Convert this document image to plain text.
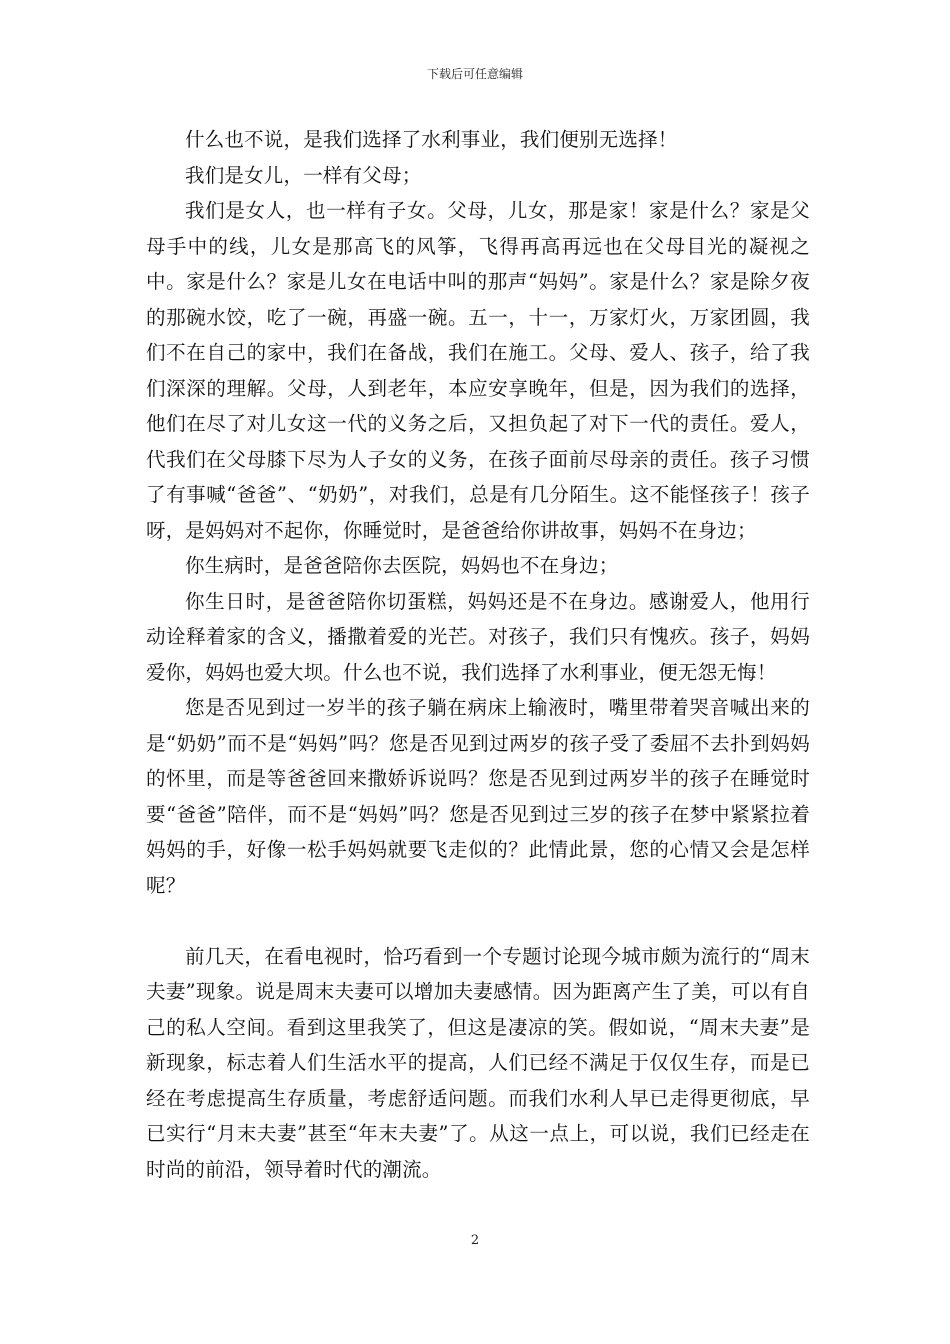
下载后可任意编辑

什么也不说，是我们选择了水利事业，我们便别无选择！

我们是女儿，一样有父母；

我们是女人，也一样有子女。父母，儿女，那是家！家是什么？家是父母手中的线，儿女是那高飞的风筝，飞得再高再远也在父母目光的凝视之中。家是什么？家是儿女在电话中叫的那声“妈妈”。家是什么？家是除夕夜的那碗水饺，吃了一碗，再盛一碗。五一，十一，万家灯火，万家团圆，我们不在自己的家中，我们在备战，我们在施工。父母、爱人、孩子，给了我们深深的理解。父母，人到老年，本应安享晚年，但是，因为我们的选择，他们在尽了对儿女这一代的义务之后，又担负起了对下一代的责任。爱人，代我们在父母膝下尽为人子女的义务，在孩子面前尽母亲的责任。孩子习惯了有事喊“爸爸”、“奶奶”，对我们，总是有几分陌生。这不能怪孩子！孩子呀，是妈妈对不起你，你睡觉时，是爸爸给你讲故事，妈妈不在身边；

你生病时，是爸爸陪你去医院，妈妈也不在身边；

你生日时，是爸爸陪你切蛋糕，妈妈还是不在身边。感谢爱人，他用行动诠释着家的含义，播撒着爱的光芒。对孩子，我们只有愧疚。孩子，妈妈爱你，妈妈也爱大坝。什么也不说，我们选择了水利事业，便无怨无悔！

您是否见到过一岁半的孩子躺在病床上输液时，嘴里带着哭音喊出来的是“奶奶”而不是“妈妈”吗？您是否见到过两岁的孩子受了委屈不去扑到妈妈的怀里，而是等爸爸回来撒娇诉说吗？您是否见到过两岁半的孩子在睡觉时要“爸爸”陪伴，而不是“妈妈”吗？您是否见到过三岁的孩子在梦中紧紧拉着妈妈的手，好像一松手妈妈就要飞走似的？此情此景，您的心情又会是怎样呢？

前几天，在看电视时，恰巧看到一个专题讨论现今城市颇为流行的“周末夫妻”现象。说是周末夫妻可以增加夫妻感情。因为距离产生了美，可以有自己的私人空间。看到这里我笑了，但这是凄凉的笑。假如说，“周末夫妻”是新现象，标志着人们生活水平的提高，人们已经不满足于仅仅生存，而是已经在考虑提高生存质量，考虑舒适问题。而我们水利人早已走得更彻底，早已实行“月末夫妻”甚至“年末夫妻”了。从这一点上，可以说，我们已经走在时尚的前沿，领导着时代的潮流。

2
